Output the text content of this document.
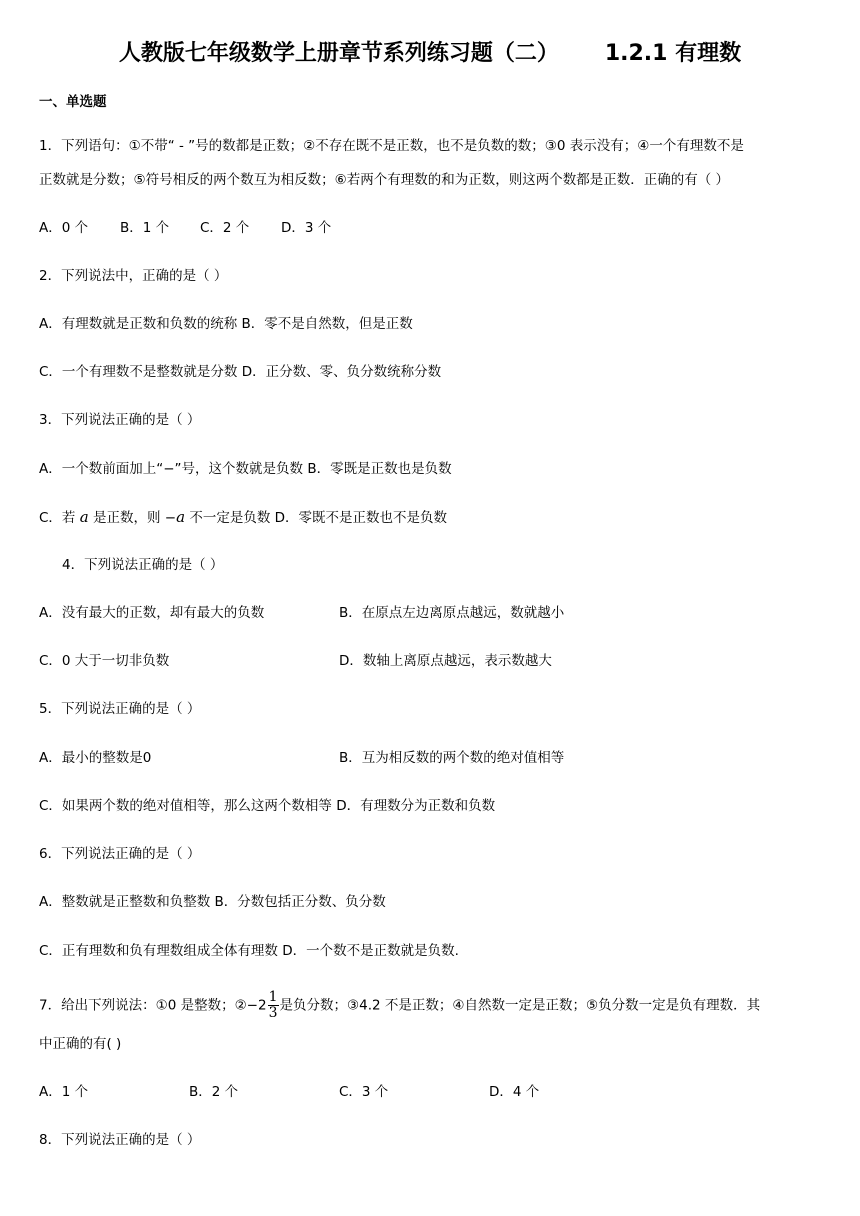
人教版七年级数学上册章节系列练习题（二）      1.2.1 有理数
一、单选题
1．下列语句：①不带“ - ”号的数都是正数；②不存在既不是正数，也不是负数的数；③0 表示没有；④一个有理数不是
正数就是分数；⑤符号相反的两个数互为相反数；⑥若两个有理数的和为正数，则这两个数都是正数．正确的有（ ）
A．0 个 B．1 个 C．2 个 D．3 个
2．下列说法中，正确的是（ ）
A．有理数就是正数和负数的统称 B．零不是自然数，但是正数
C．一个有理数不是整数就是分数 D．正分数、零、负分数统称分数
3．下列说法正确的是（ ）
A．一个数前面加上“−”号，这个数就是负数 B．零既是正数也是负数
C．若 a 是正数，则 −a 不一定是负数 D．零既不是正数也不是负数
4．下列说法正确的是（ ）
A．没有最大的正数，却有最大的负数	B．在原点左边离原点越远，数就越小
C．0 大于一切非负数	D．数轴上离原点越远，表示数越大
5．下列说法正确的是（ ）
A．最小的整数是0	B．互为相反数的两个数的绝对值相等
C．如果两个数的绝对值相等，那么这两个数相等 D．有理数分为正数和负数
6．下列说法正确的是（ ）
A．整数就是正整数和负整数 B．分数包括正分数、负分数
C．正有理数和负有理数组成全体有理数 D．一个数不是正数就是负数.
7．给出下列说法：①0 是整数；②−2 $\frac{1}{3}$ 是负分数；③4.2 不是正数；④自然数一定是正数；⑤负分数一定是负有理数．其
中正确的有( )
A．1 个	B．2 个	C．3 个	D．4 个
8．下列说法正确的是（ ）
